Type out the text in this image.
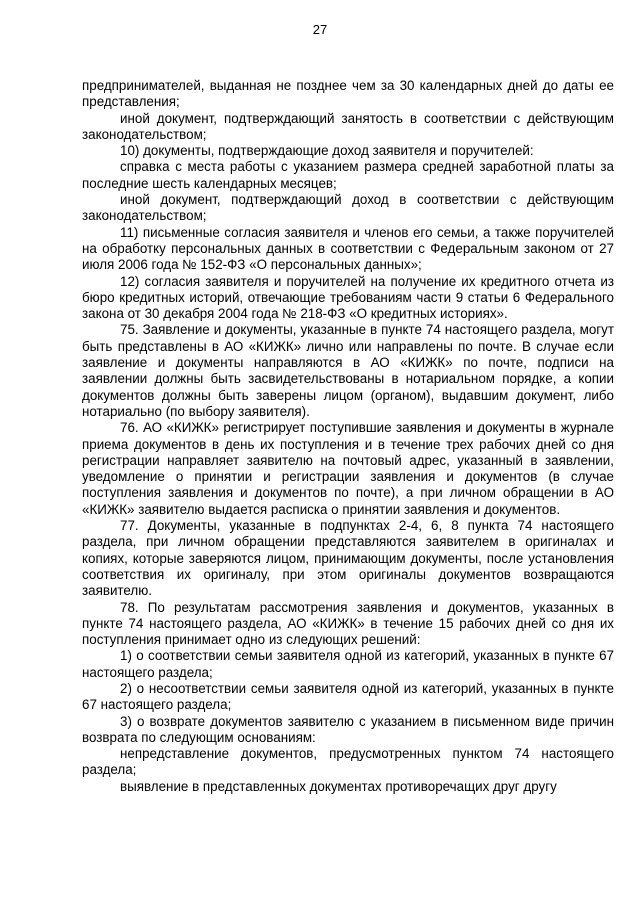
27

предпринимателей, выданная не позднее чем за 30 календарных дней до даты ее представления;

иной документ, подтверждающий занятость в соответствии с действующим законодательством;

10) документы, подтверждающие доход заявителя и поручителей:

справка с места работы с указанием размера средней заработной платы за последние шесть календарных месяцев;

иной документ, подтверждающий доход в соответствии с действующим законодательством;

11) письменные согласия заявителя и членов его семьи, а также поручителей на обработку персональных данных в соответствии с Федеральным законом от 27 июля 2006 года № 152-ФЗ «О персональных данных»;

12) согласия заявителя и поручителей на получение их кредитного отчета из бюро кредитных историй, отвечающие требованиям части 9 статьи 6 Федерального закона от 30 декабря 2004 года № 218-ФЗ «О кредитных историях».

75. Заявление и документы, указанные в пункте 74 настоящего раздела, могут быть представлены в АО «КИЖК» лично или направлены по почте. В случае если заявление и документы направляются в АО «КИЖК» по почте, подписи на заявлении должны быть засвидетельствованы в нотариальном порядке, а копии документов должны быть заверены лицом (органом), выдавшим документ, либо нотариально (по выбору заявителя).

76. АО «КИЖК» регистрирует поступившие заявления и документы в журнале приема документов в день их поступления и в течение трех рабочих дней со дня регистрации направляет заявителю на почтовый адрес, указанный в заявлении, уведомление о принятии и регистрации заявления и документов (в случае поступления заявления и документов по почте), а при личном обращении в АО «КИЖК» заявителю выдается расписка о принятии заявления и документов.

77. Документы, указанные в подпунктах 2-4, 6, 8 пункта 74 настоящего раздела, при личном обращении представляются заявителем в оригиналах и копиях, которые заверяются лицом, принимающим документы, после установления соответствия их оригиналу, при этом оригиналы документов возвращаются заявителю.

78. По результатам рассмотрения заявления и документов, указанных в пункте 74 настоящего раздела, АО «КИЖК» в течение 15 рабочих дней со дня их поступления принимает одно из следующих решений:

1) о соответствии семьи заявителя одной из категорий, указанных в пункте 67 настоящего раздела;

2) о несоответствии семьи заявителя одной из категорий, указанных в пункте 67 настоящего раздела;

3) о возврате документов заявителю с указанием в письменном виде причин возврата по следующим основаниям:

непредставление документов, предусмотренных пунктом 74 настоящего раздела;

выявление в представленных документах противоречащих друг другу
